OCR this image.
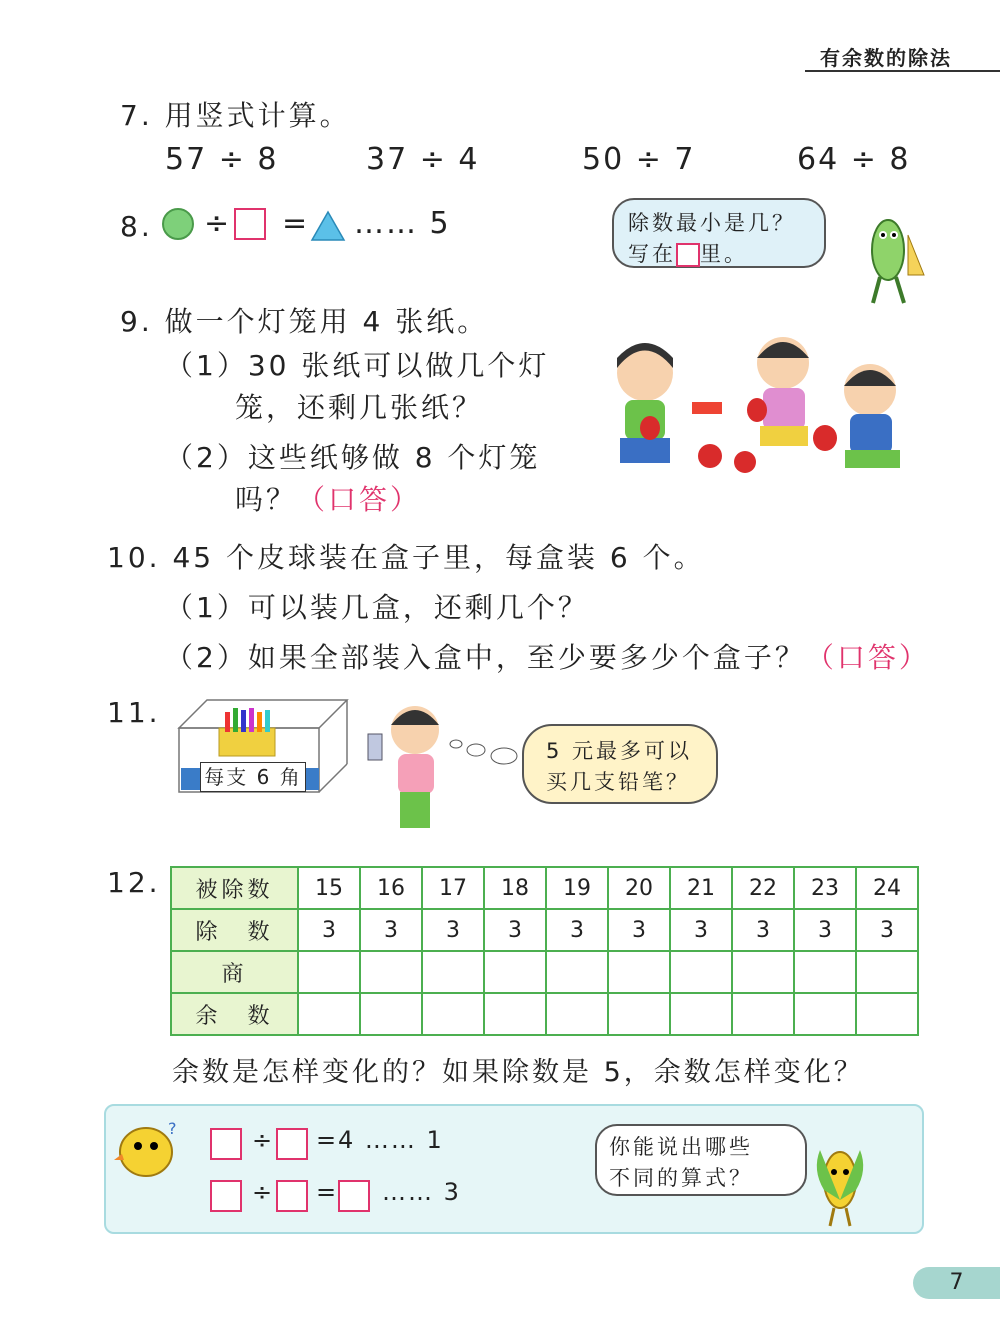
有余数的除法
7. 用竖式计算。
57 ÷ 8	37 ÷ 4	50 ÷ 7	64 ÷ 8
8. ÷ = …… 5	除数最小是几？
写在 里。
9. 做一个灯笼用 4 张纸。
（1）30 张纸可以做几个灯
笼，还剩几张纸？
（2）这些纸够做 8 个灯笼
吗？（口答）
10. 45 个皮球装在盒子里，每盒装 6 个。
（1）可以装几盒，还剩几个？
（2）如果全部装入盒中，至少要多少个盒子？（口答）
11.
每支 6 角
5 元最多可以
买几支铅笔？
12. 被除数	15	16	17	18	19	20	21	22	23	24
除　数	3	3	3	3	3	3	3	3	3	3
商										
余　数										
余数是怎样变化的？如果除数是 5，余数怎样变化？
?	÷ = 4 …… 1
÷ = …… 3
你能说出哪些
不同的算式？
7
